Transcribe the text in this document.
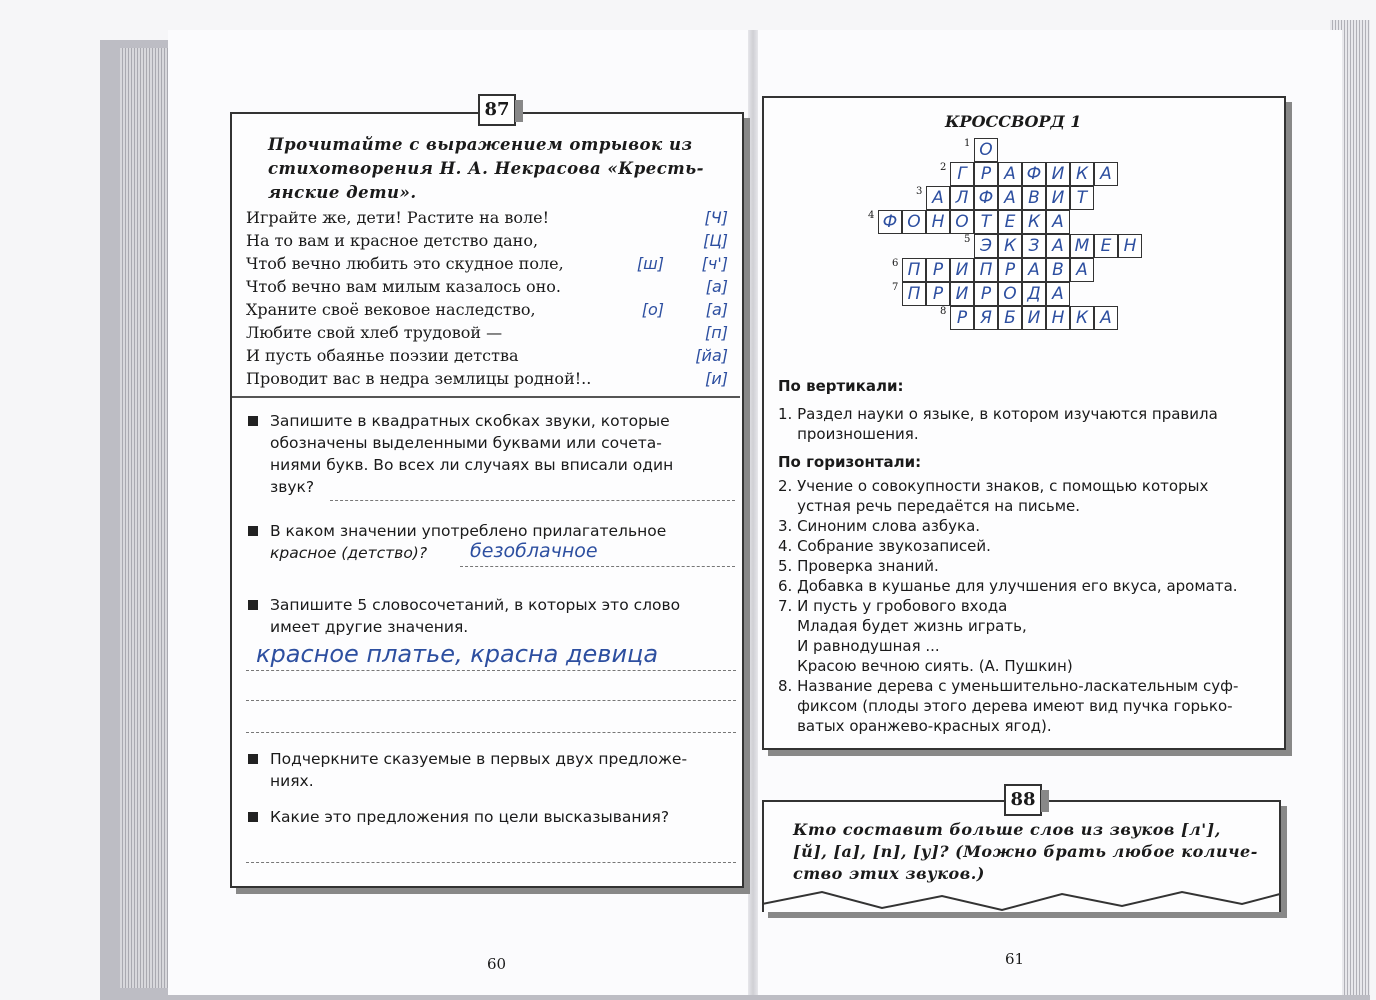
87
Прочитайте с выражением отрывок из
стихотворения Н. А. Некрасова «Кресть-
янские дети».
Играйте же, дети! Растите на воле!	[Ч]
На то вам и красное детство дано,	[Ц]
Чтоб вечно любить это скудное поле,	[ш] [ч']
Чтоб вечно вам милым казалось оно.	[а]
Храните своё вековое наследство,	[о]	[а]
Любите свой хлеб трудовой —	[п]
И пусть обаянье поэзии детства	[йа]
Проводит вас в недра землицы родной!..	[и]
Запишите в квадратных скобках звуки, которые
обозначены выделенными буквами или сочета-
ниями букв. Во всех ли случаях вы вписали один
звук?
В каком значении употреблено прилагательное
красное (детство)?	безоблачное
Запишите 5 словосочетаний, в которых это слово
имеет другие значения.
красное платье, красна девица
Подчеркните сказуемые в первых двух предложе-
ниях.
Какие это предложения по цели высказывания?
60
КРОССВОРД 1
1 О
2 Г Р А Ф И К А
3 А Л Ф А В И Т
4 Ф О Н О Т Е К А
5 Э К З А М Е Н
6 П Р И П Р А В А
7 П Р И Р О Д А
8 Р Я Б И Н К А
По вертикали:
1. Раздел науки о языке, в котором изучаются правила
произношения.
По горизонтали:
2. Учение о совокупности знаков, с помощью которых
устная речь передаётся на письме.
3. Синоним слова азбука.
4. Собрание звукозаписей.
5. Проверка знаний.
6. Добавка в кушанье для улучшения его вкуса, аромата.
7. И пусть у гробового входа
Младая будет жизнь играть,
И равнодушная ...
Красою вечною сиять. (А. Пушкин)
8. Название дерева с уменьшительно-ласкательным суф-
фиксом (плоды этого дерева имеют вид пучка горько-
ватых оранжево-красных ягод).
88
Кто составит больше слов из звуков [л'],
[й], [а], [п], [у]? (Можно брать любое количе-
ство этих звуков.)
61
